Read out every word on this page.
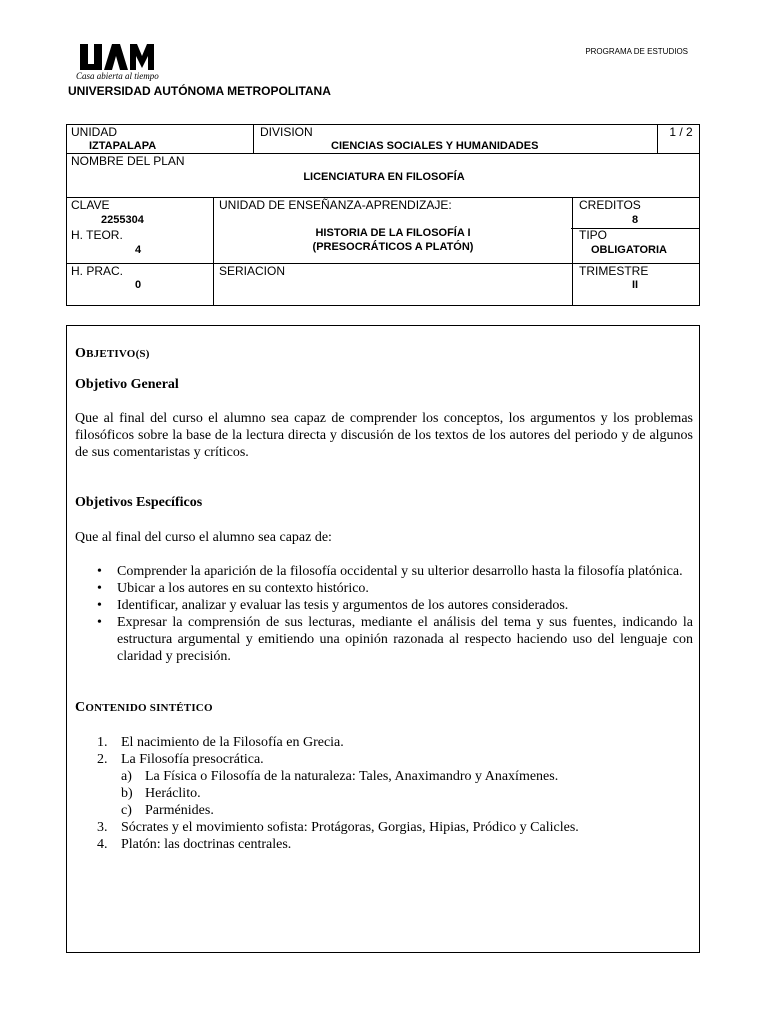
Casa abierta al tiempo
PROGRAMA DE ESTUDIOS
UNIVERSIDAD AUTÓNOMA METROPOLITANA
UNIDAD
IZTAPALAPA
DIVISION
CIENCIAS SOCIALES Y HUMANIDADES
1 / 2
NOMBRE DEL PLAN
LICENCIATURA EN FILOSOFÍA
CLAVE
2255304
UNIDAD DE ENSEÑANZA-APRENDIZAJE:
HISTORIA DE LA FILOSOFÍA I
(PRESOCRÁTICOS A PLATÓN)
CREDITOS
8
H. TEOR.
4
TIPO
OBLIGATORIA
H. PRAC.
0
SERIACION	TRIMESTRE
II
OBJETIVO(S)
Objetivo General
Que al final del curso el alumno sea capaz de comprender los conceptos, los argumentos y los problemas filosóficos sobre la base de la lectura directa y discusión de los textos de los autores del periodo y de algunos de sus comentaristas y críticos.
Objetivos Específicos
Que al final del curso el alumno sea capaz de:
• Comprender la aparición de la filosofía occidental y su ulterior desarrollo hasta la filosofía platónica.
• Ubicar a los autores en su contexto histórico.
• Identificar, analizar y evaluar las tesis y argumentos de los autores considerados.
• Expresar la comprensión de sus lecturas, mediante el análisis del tema y sus fuentes, indicando la estructura argumental y emitiendo una opinión razonada al respecto haciendo uso del lenguaje con claridad y precisión.
CONTENIDO SINTÉTICO
1. El nacimiento de la Filosofía en Grecia.
2. La Filosofía presocrática.
a) La Física o Filosofía de la naturaleza: Tales, Anaximandro y Anaxímenes.
b) Heráclito.
c) Parménides.
3. Sócrates y el movimiento sofista: Protágoras, Gorgias, Hipias, Pródico y Calicles.
4. Platón: las doctrinas centrales.
